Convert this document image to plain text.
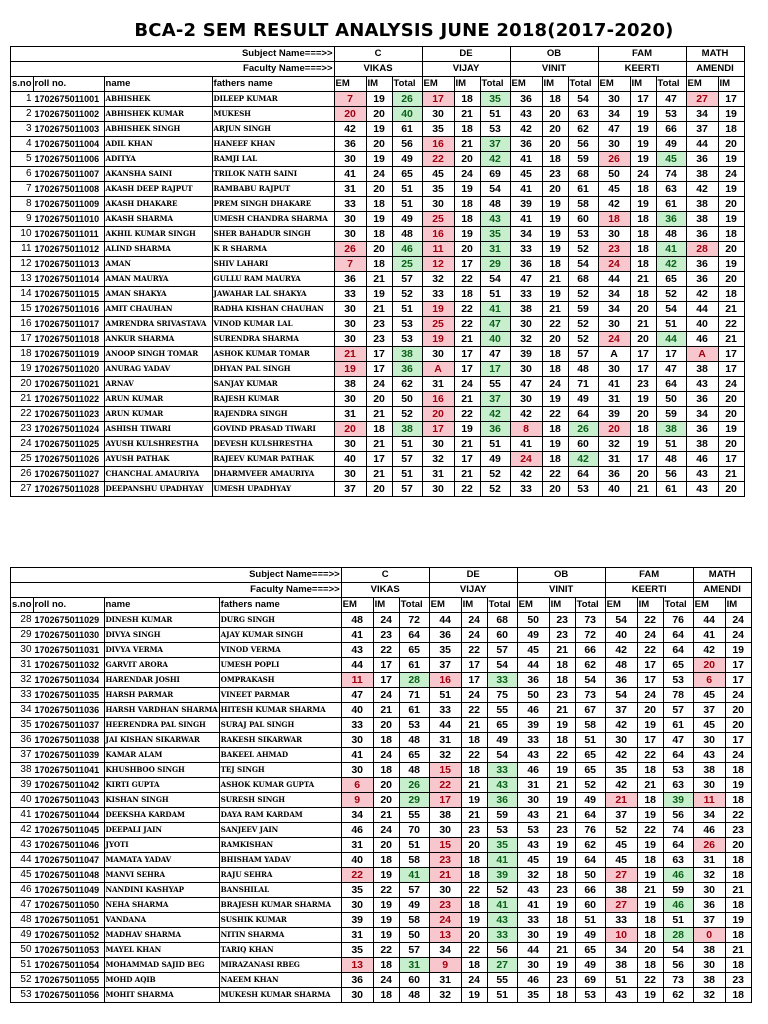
BCA-2 SEM RESULT ANALYSIS JUNE 2018(2017-2020)
Subject Name===>>				C			DE			OB			FAM			MATH	
Faculty Name===>>				VIKAS			VIJAY			VINIT			KEERTI			AMENDI	
s.no	roll no.	name	fathers name	EM	IM	Total	EM	IM	Total	EM	IM	Total	EM	IM	Total	EM	IM
1	1702675011001	ABHISHEK	DILEEP KUMAR	7	19	26	17	18	35	36	18	54	30	17	47	27	17
2	1702675011002	ABHISHEK KUMAR	MUKESH	20	20	40	30	21	51	43	20	63	34	19	53	34	19
3	1702675011003	ABHISHEK SINGH	ARJUN SINGH	42	19	61	35	18	53	42	20	62	47	19	66	37	18
4	1702675011004	ADIL KHAN	HANEEF KHAN	36	20	56	16	21	37	36	20	56	30	19	49	44	20
5	1702675011006	ADITYA	RAMJI LAL	30	19	49	22	20	42	41	18	59	26	19	45	36	19
6	1702675011007	AKANSHA SAINI	TRILOK NATH SAINI	41	24	65	45	24	69	45	23	68	50	24	74	38	24
7	1702675011008	AKASH DEEP RAJPUT	RAMBABU RAJPUT	31	20	51	35	19	54	41	20	61	45	18	63	42	19
8	1702675011009	AKASH DHAKARE	PREM SINGH DHAKARE	33	18	51	30	18	48	39	19	58	42	19	61	38	20
9	1702675011010	AKASH SHARMA	UMESH CHANDRA SHARMA	30	19	49	25	18	43	41	19	60	18	18	36	38	19
10	1702675011011	AKHIL KUMAR SINGH	SHER BAHADUR SINGH	30	18	48	16	19	35	34	19	53	30	18	48	36	18
11	1702675011012	ALIND SHARMA	K R SHARMA	26	20	46	11	20	31	33	19	52	23	18	41	28	20
12	1702675011013	AMAN	SHIV LAHARI	7	18	25	12	17	29	36	18	54	24	18	42	36	19
13	1702675011014	AMAN MAURYA	GULLU RAM MAURYA	36	21	57	32	22	54	47	21	68	44	21	65	36	20
14	1702675011015	AMAN SHAKYA	JAWAHAR LAL SHAKYA	33	19	52	33	18	51	33	19	52	34	18	52	42	18
15	1702675011016	AMIT CHAUHAN	RADHA KISHAN CHAUHAN	30	21	51	19	22	41	38	21	59	34	20	54	44	21
16	1702675011017	AMRENDRA SRIVASTAVA	VINOD KUMAR LAL	30	23	53	25	22	47	30	22	52	30	21	51	40	22
17	1702675011018	ANKUR SHARMA	SURENDRA SHARMA	30	23	53	19	21	40	32	20	52	24	20	44	46	21
18	1702675011019	ANOOP SINGH TOMAR	ASHOK KUMAR TOMAR	21	17	38	30	17	47	39	18	57	A	17	17	A	17
19	1702675011020	ANURAG YADAV	DHYAN PAL SINGH	19	17	36	A	17	17	30	18	48	30	17	47	38	17
20	1702675011021	ARNAV	SANJAY KUMAR	38	24	62	31	24	55	47	24	71	41	23	64	43	24
21	1702675011022	ARUN KUMAR	RAJESH KUMAR	30	20	50	16	21	37	30	19	49	31	19	50	36	20
22	1702675011023	ARUN KUMAR	RAJENDRA SINGH	31	21	52	20	22	42	42	22	64	39	20	59	34	20
23	1702675011024	ASHISH TIWARI	GOVIND PRASAD TIWARI	20	18	38	17	19	36	8	18	26	20	18	38	36	19
24	1702675011025	AYUSH KULSHRESTHA	DEVESH KULSHRESTHA	30	21	51	30	21	51	41	19	60	32	19	51	38	20
25	1702675011026	AYUSH PATHAK	RAJEEV KUMAR PATHAK	40	17	57	32	17	49	24	18	42	31	17	48	46	17
26	1702675011027	CHANCHAL AMAURIYA	DHARMVEER AMAURIYA	30	21	51	31	21	52	42	22	64	36	20	56	43	21
27	1702675011028	DEEPANSHU UPADHYAY	UMESH UPADHYAY	37	20	57	30	22	52	33	20	53	40	21	61	43	20
Subject Name===>>				C			DE			OB			FAM			MATH	
Faculty Name===>>				VIKAS			VIJAY			VINIT			KEERTI			AMENDI	
s.no	roll no.	name	fathers name	EM	IM	Total	EM	IM	Total	EM	IM	Total	EM	IM	Total	EM	IM
28	1702675011029	DINESH KUMAR	DURG SINGH	48	24	72	44	24	68	50	23	73	54	22	76	44	24
29	1702675011030	DIVYA SINGH	AJAY KUMAR SINGH	41	23	64	36	24	60	49	23	72	40	24	64	41	24
30	1702675011031	DIVYA VERMA	VINOD VERMA	43	22	65	35	22	57	45	21	66	42	22	64	42	19
31	1702675011032	GARVIT ARORA	UMESH POPLI	44	17	61	37	17	54	44	18	62	48	17	65	20	17
32	1702675011034	HARENDAR JOSHI	OMPRAKASH	11	17	28	16	17	33	36	18	54	36	17	53	6	17
33	1702675011035	HARSH PARMAR	VINEET PARMAR	47	24	71	51	24	75	50	23	73	54	24	78	45	24
34	1702675011036	HARSH VARDHAN SHARMA	HITESH KUMAR SHARMA	40	21	61	33	22	55	46	21	67	37	20	57	37	20
35	1702675011037	HEERENDRA PAL SINGH	SURAJ PAL SINGH	33	20	53	44	21	65	39	19	58	42	19	61	45	20
36	1702675011038	JAI KISHAN SIKARWAR	RAKESH SIKARWAR	30	18	48	31	18	49	33	18	51	30	17	47	30	17
37	1702675011039	KAMAR ALAM	BAKEEL AHMAD	41	24	65	32	22	54	43	22	65	42	22	64	43	24
38	1702675011041	KHUSHBOO SINGH	TEJ SINGH	30	18	48	15	18	33	46	19	65	35	18	53	38	18
39	1702675011042	KIRTI GUPTA	ASHOK KUMAR GUPTA	6	20	26	22	21	43	31	21	52	42	21	63	30	19
40	1702675011043	KISHAN SINGH	SURESH SINGH	9	20	29	17	19	36	30	19	49	21	18	39	11	18
41	1702675011044	DEEKSHA KARDAM	DAYA RAM KARDAM	34	21	55	38	21	59	43	21	64	37	19	56	34	22
42	1702675011045	DEEPALI JAIN	SANJEEV JAIN	46	24	70	30	23	53	53	23	76	52	22	74	46	23
43	1702675011046	JYOTI	RAMKISHAN	31	20	51	15	20	35	43	19	62	45	19	64	26	20
44	1702675011047	MAMATA YADAV	BHISHAM YADAV	40	18	58	23	18	41	45	19	64	45	18	63	31	18
45	1702675011048	MANVI SEHRA	RAJU SEHRA	22	19	41	21	18	39	32	18	50	27	19	46	32	18
46	1702675011049	NANDINI KASHYAP	BANSHILAL	35	22	57	30	22	52	43	23	66	38	21	59	30	21
47	1702675011050	NEHA SHARMA	BRAJESH KUMAR SHARMA	30	19	49	23	18	41	41	19	60	27	19	46	36	18
48	1702675011051	VANDANA	SUSHIK KUMAR	39	19	58	24	19	43	33	18	51	33	18	51	37	19
49	1702675011052	MADHAV SHARMA	NITIN SHARMA	31	19	50	13	20	33	30	19	49	10	18	28	0	18
50	1702675011053	MAYEL KHAN	TARIQ KHAN	35	22	57	34	22	56	44	21	65	34	20	54	38	21
51	1702675011054	MOHAMMAD SAJID BEG	MIRAZANASI RBEG	13	18	31	9	18	27	30	19	49	38	18	56	30	18
52	1702675011055	MOHD AQIB	NAEEM KHAN	36	24	60	31	24	55	46	23	69	51	22	73	38	23
53	1702675011056	MOHIT SHARMA	MUKESH KUMAR SHARMA	30	18	48	32	19	51	35	18	53	43	19	62	32	18
